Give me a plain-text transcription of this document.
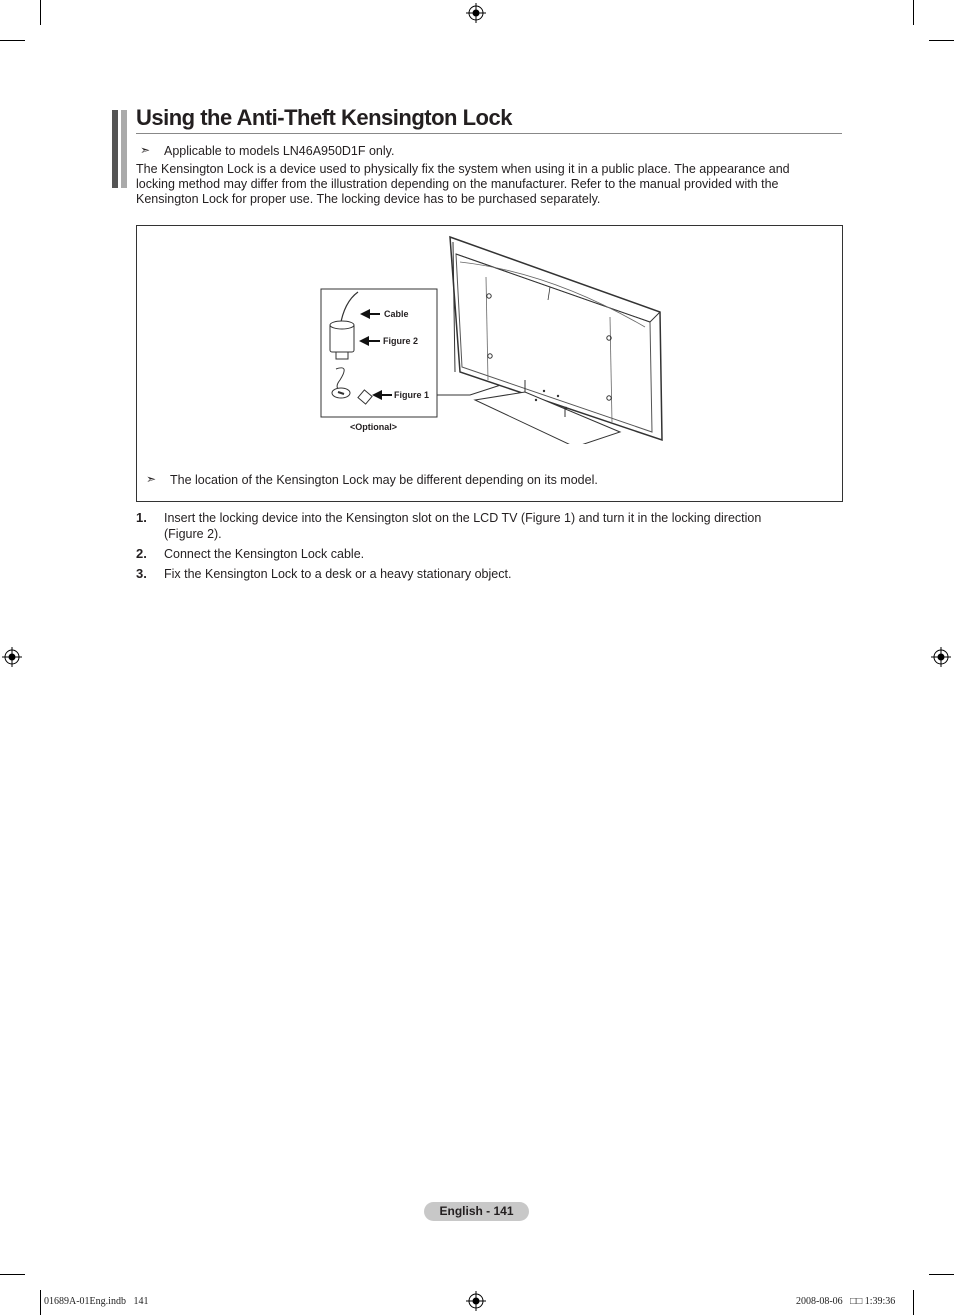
Using the Anti-Theft Kensington Lock
➣ Applicable to models LN46A950D1F only.
The Kensington Lock is a device used to physically fix the system when using it in a public place. The appearance and locking method may differ from the illustration depending on the manufacturer. Refer to the manual provided with the Kensington Lock for proper use. The locking device has to be purchased separately.
Cable
Figure 2
Figure 1
<Optional>
➣ The location of the Kensington Lock may be different depending on its model.
1. Insert the locking device into the Kensington slot on the LCD TV (Figure 1) and turn it in the locking direction (Figure 2).
2. Connect the Kensington Lock cable.
3. Fix the Kensington Lock to a desk or a heavy stationary object.
English - 141
01689A-01Eng.indb   141	2008-08-06   □□ 1:39:36
